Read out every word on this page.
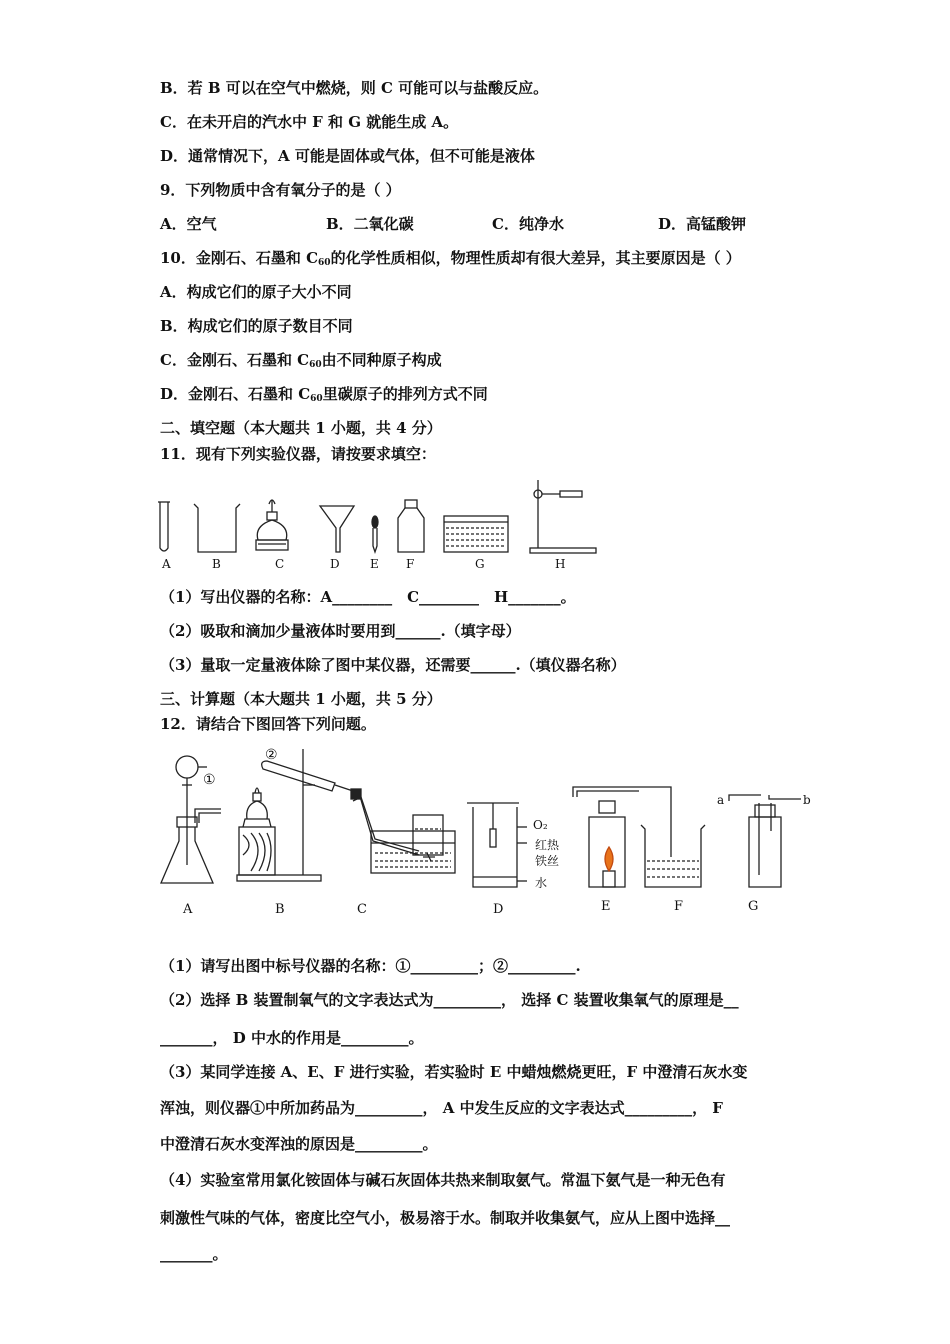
B．若 B 可以在空气中燃烧，则 C 可能可以与盐酸反应。
C．在未开启的汽水中 F 和 G 就能生成 A。
D．通常情况下，A 可能是固体或气体，但不可能是液体
9．下列物质中含有氧分子的是（ ）
A．空气	B．二氧化碳	C．纯净水	D．高锰酸钾
10．金刚石、石墨和 $C_{60}$的化学性质相似，物理性质却有很大差异，其主要原因是（ ）
A．构成它们的原子大小不同
B．构成它们的原子数目不同
C．金刚石、石墨和 $C_{60}$由不同种原子构成
D．金刚石、石墨和 $C_{60}$里碳原子的排列方式不同
二、填空题（本大题共 1 小题，共 4 分）
11．现有下列实验仪器，请按要求填空：
A	B	C	D	E F	G	H
（1）写出仪器的名称：A________　C________　H_______。
（2）吸取和滴加少量液体时要用到______.（填字母）
（3）量取一定量液体除了图中某仪器，还需要______.（填仪器名称）
三、计算题（本大题共 1 小题，共 5 分）
12．请结合下图回答下列问题。
①
②
O₂
红热
铁丝
水
a	b
A	B	C	D	E	F	G
（1）请写出图中标号仪器的名称：①_________；②_________.
（2）选择 B 装置制氧气的文字表达式为_________， 选择 C 装置收集氧气的原理是__
_______， D 中水的作用是_________。
（3）某同学连接 A、E、F 进行实验，若实验时 E 中蜡烛燃烧更旺，F 中澄清石灰水变
浑浊，则仪器①中所加药品为_________， A 中发生反应的文字表达式_________， F
中澄清石灰水变浑浊的原因是_________。
（4）实验室常用氯化铵固体与碱石灰固体共热来制取氨气。常温下氨气是一种无色有
刺激性气味的气体，密度比空气小，极易溶于水。制取并收集氨气，应从上图中选择__
_______。
